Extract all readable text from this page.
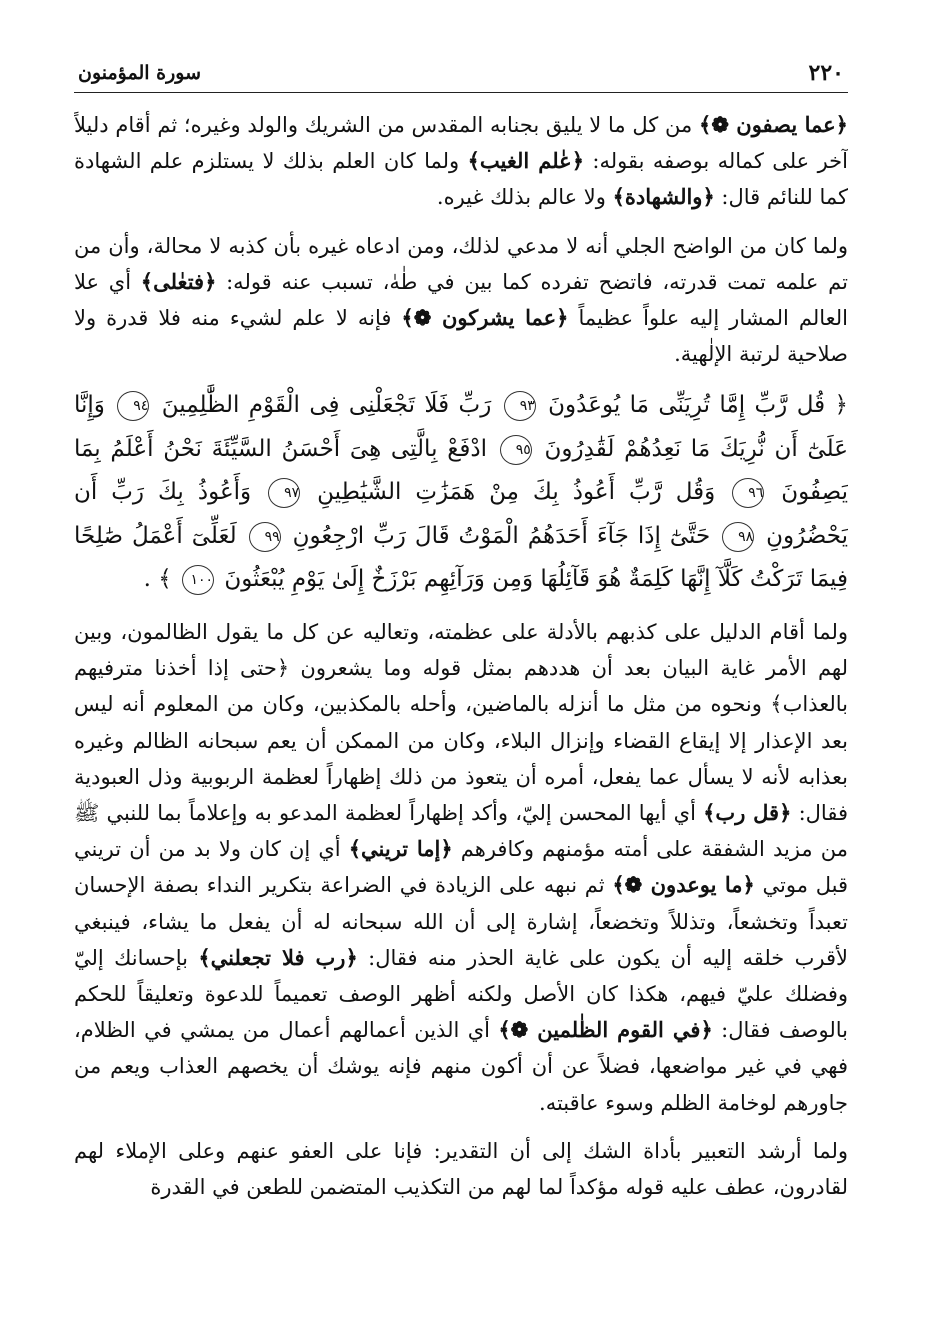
٢٢٠
سورة المؤمنون

﴿عما يصفون ❁﴾ من كل ما لا يليق بجنابه المقدس من الشريك والولد وغيره؛ ثم أقام دليلاً آخر على كماله بوصفه بقوله: ﴿عٰلم الغيب﴾ ولما كان العلم بذلك لا يستلزم علم الشهادة كما للنائم قال: ﴿والشهادة﴾ ولا عالم بذلك غيره.

ولما كان من الواضح الجلي أنه لا مدعي لذلك، ومن ادعاه غيره بأن كذبه لا محالة، وأن من تم علمه تمت قدرته، فاتضح تفرده كما بين في طٰهٰ، تسبب عنه قوله: ﴿فتعٰلى﴾ أي علا العالم المشار إليه علواً عظيماً ﴿عما يشركون ❁﴾ فإنه لا علم لشيء منه فلا قدرة ولا صلاحية لرتبة الإلٰهية.

﴿ قُل رَّبِّ إِمَّا تُرِيَنِّى مَا يُوعَدُونَ ٩٣ رَبِّ فَلَا تَجْعَلْنِى فِى الْقَوْمِ الظَّٰلِمِينَ ٩٤ وَإِنَّا عَلَىٰٓ أَن نُّرِيَكَ مَا نَعِدُهُمْ لَقَٰدِرُونَ ٩٥ ادْفَعْ بِالَّتِى هِىَ أَحْسَنُ السَّيِّئَةَ نَحْنُ أَعْلَمُ بِمَا يَصِفُونَ ٩٦ وَقُل رَّبِّ أَعُوذُ بِكَ مِنْ هَمَزَٰتِ الشَّيَٰطِينِ ٩٧ وَأَعُوذُ بِكَ رَبِّ أَن يَحْضُرُونِ ٩٨ حَتَّىٰٓ إِذَا جَآءَ أَحَدَهُمُ الْمَوْتُ قَالَ رَبِّ ارْجِعُونِ ٩٩ لَعَلِّىٓ أَعْمَلُ صَٰلِحًا فِيمَا تَرَكْتُ كَلَّآ إِنَّهَا كَلِمَةٌ هُوَ قَآئِلُهَا وَمِن وَرَآئِهِم بَرْزَخٌ إِلَىٰ يَوْمِ يُبْعَثُونَ ١٠٠ ﴾ .

ولما أقام الدليل على كذبهم بالأدلة على عظمته، وتعاليه عن كل ما يقول الظالمون، وبين لهم الأمر غاية البيان بعد أن هددهم بمثل قوله وما يشعرون ﴿حتى إذا أخذنا مترفيهم بالعذاب﴾ ونحوه من مثل ما أنزله بالماضين، وأحله بالمكذبين، وكان من المعلوم أنه ليس بعد الإعذار إلا إيقاع القضاء وإنزال البلاء، وكان من الممكن أن يعم سبحانه الظالم وغيره بعذابه لأنه لا يسأل عما يفعل، أمره أن يتعوذ من ذلك إظهاراً لعظمة الربوبية وذل العبودية فقال: ﴿قل رب﴾ أي أيها المحسن إليّ، وأكد إظهاراً لعظمة المدعو به وإعلاماً بما للنبي ﷺ من مزيد الشفقة على أمته مؤمنهم وكافرهم ﴿إما تريني﴾ أي إن كان ولا بد من أن تريني قبل موتي ﴿ما يوعدون ❁﴾ ثم نبهه على الزيادة في الضراعة بتكرير النداء بصفة الإحسان تعبداً وتخشعاً، وتذللاً وتخضعاً، إشارة إلى أن الله سبحانه له أن يفعل ما يشاء، فينبغي لأقرب خلقه إليه أن يكون على غاية الحذر منه فقال: ﴿رب فلا تجعلني﴾ بإحسانك إليّ وفضلك عليّ فيهم، هكذا كان الأصل ولكنه أظهر الوصف تعميماً للدعوة وتعليقاً للحكم بالوصف فقال: ﴿في القوم الظٰلمين ❁﴾ أي الذين أعمالهم أعمال من يمشي في الظلام، فهي في غير مواضعها، فضلاً عن أن أكون منهم فإنه يوشك أن يخصهم العذاب ويعم من جاورهم لوخامة الظلم وسوء عاقبته.

ولما أرشد التعبير بأداة الشك إلى أن التقدير: فإنا على العفو عنهم وعلى الإملاء لهم لقادرون، عطف عليه قوله مؤكداً لما لهم من التكذيب المتضمن للطعن في القدرة
